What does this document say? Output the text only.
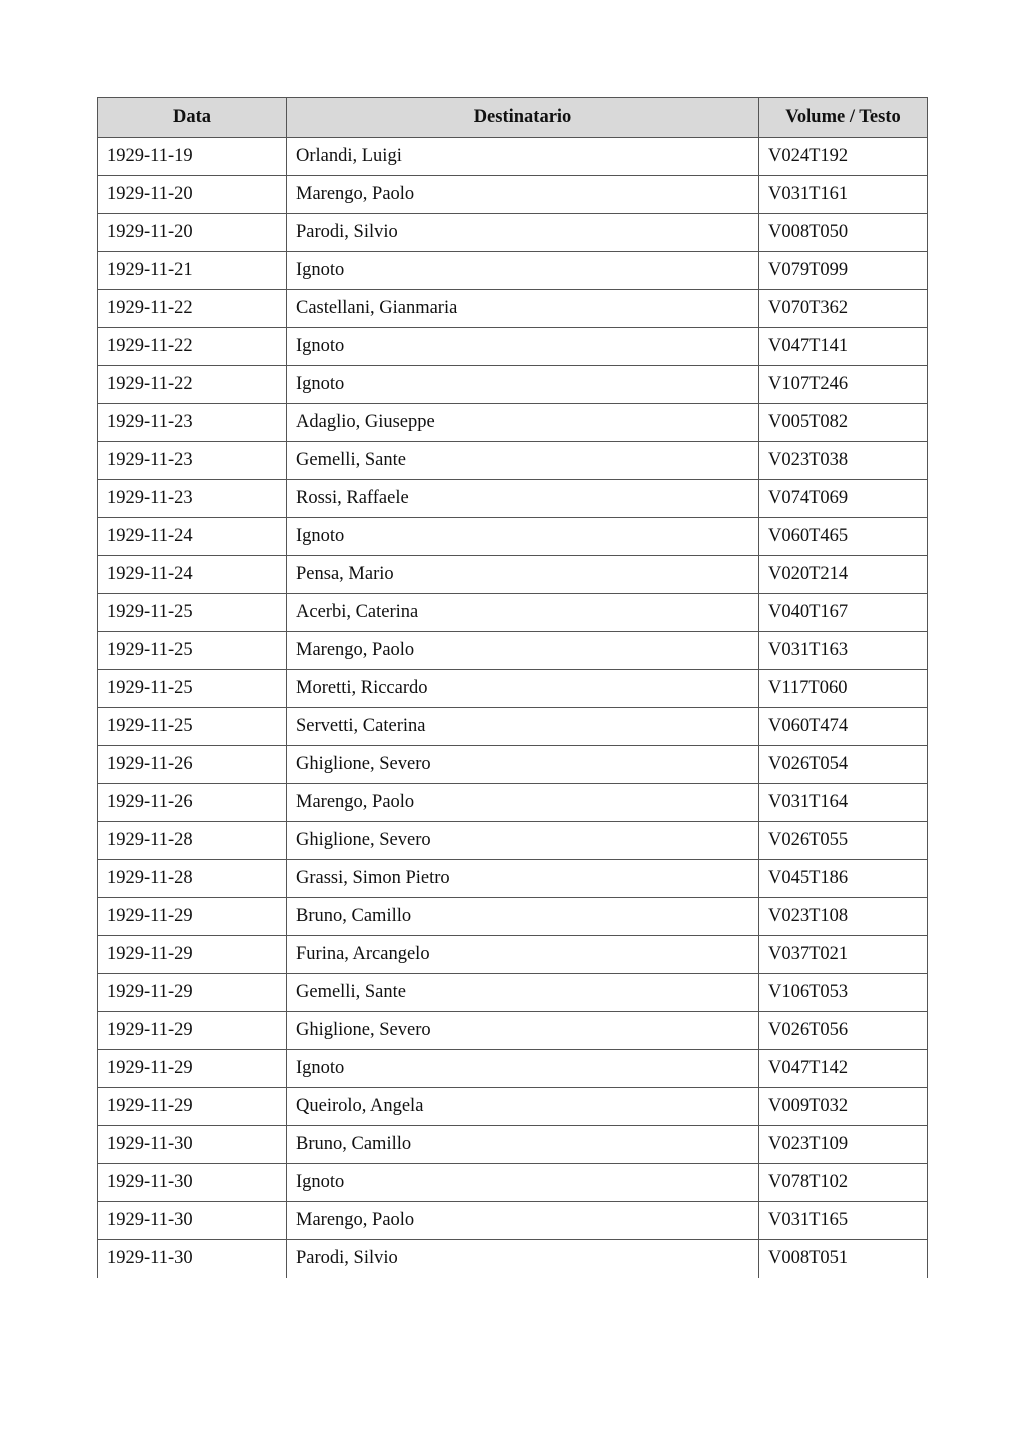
Data	Destinatario	Volume / Testo
1929-11-19	Orlandi, Luigi	V024T192
1929-11-20	Marengo, Paolo	V031T161
1929-11-20	Parodi, Silvio	V008T050
1929-11-21	Ignoto	V079T099
1929-11-22	Castellani, Gianmaria	V070T362
1929-11-22	Ignoto	V047T141
1929-11-22	Ignoto	V107T246
1929-11-23	Adaglio, Giuseppe	V005T082
1929-11-23	Gemelli, Sante	V023T038
1929-11-23	Rossi, Raffaele	V074T069
1929-11-24	Ignoto	V060T465
1929-11-24	Pensa, Mario	V020T214
1929-11-25	Acerbi, Caterina	V040T167
1929-11-25	Marengo, Paolo	V031T163
1929-11-25	Moretti, Riccardo	V117T060
1929-11-25	Servetti, Caterina	V060T474
1929-11-26	Ghiglione, Severo	V026T054
1929-11-26	Marengo, Paolo	V031T164
1929-11-28	Ghiglione, Severo	V026T055
1929-11-28	Grassi, Simon Pietro	V045T186
1929-11-29	Bruno, Camillo	V023T108
1929-11-29	Furina, Arcangelo	V037T021
1929-11-29	Gemelli, Sante	V106T053
1929-11-29	Ghiglione, Severo	V026T056
1929-11-29	Ignoto	V047T142
1929-11-29	Queirolo, Angela	V009T032
1929-11-30	Bruno, Camillo	V023T109
1929-11-30	Ignoto	V078T102
1929-11-30	Marengo, Paolo	V031T165
1929-11-30	Parodi, Silvio	V008T051
